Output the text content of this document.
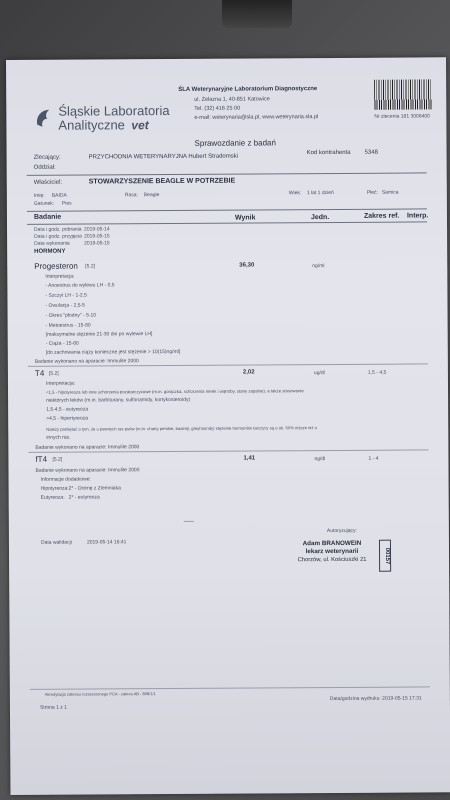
Śląskie Laboratoria
Analityczne vet
ŚLA Weterynaryjne Laboratorium Diagnostyczne
ul. Żelazna 1, 40-851 Katowice
Tel. (32) 416 25 00
e-mail: weterynaria@sla.pl, www.weterynaria.sla.pl	Nr zlecenia 181 3008400
Sprawozdanie z badań
Zlecający:	PRZYCHODNIA WETERYNARYJNA Hubert Stradomski
Kod kontrahenta 5348
Oddział:
Właściciel:	STOWARZYSZENIE BEAGLE W POTRZEBIE
Imię: BAIDA	Rasa: Beagle	Wiek: 1 lat 1 dzień	Płeć: Samica
Gatunek: Pies
Badanie	Wynik	Jedn.	Zakres ref. Interp.
Data i godz. pobrania 2019-05-14
Data i godz. przyjęcia 2019-05-15
Data wykonania	2019-05-15
HORMONY
Progesteron [5.2]	36,30	ng/ml
Interpretacja:
- Anoestrus do wylewu LH - 0,5
- Szczyt LH - 1-2,5
- Owulacja - 2,5-5
- Okres "płodny" - 5-10
- Metoestrus - 15-80
[maksymalne stężenie 21-30 dni po wylewie LH]
- Ciąża - 15-80
[do zachowania ciąży konieczne jest stężenie > 10(15)ng/ml]
Badanie wykonano na aparacie: Immulite 2000
T4 [5.2]	2,02	ug/dl	1,5 - 4,5
Interpretacja:
<1,5 - hipotyreoza lub inne schorzenia pozatarczycowe (m.in. gorączka, schorzenia nerek i wątroby, stany zapalne), a także stosowanie
niektórych leków (m.in. barbiturany, sulfonamidy, kortykosteroidy)
1,5-4,5 - eutyreoza
>4,5 - hipertyreoza
Należy pamiętać o tym, że u pewnych ras psów (m.in. charty perskie, basenji, greyhoundy) stężenie hormonów tarczycy są o ok. 50% niższe niż u
innych ras.
Badanie wykonano na aparacie: Immulite 2000
fT4 [5.2]	1,41	ng/dl	1 - 4
Badanie wykonano na aparacie: Immulite 2000
Informacje dodatkowe:
Hipotyreoza: 2* - Ocenę z Ziemniaka
Eutyreoza: 2* - eutyreoza
Data walidacji	2019-05-14 16:41
Autoryzujący:
Adam BRANOWEIN
lekarz weterynarii
Chorzów, ul. Kościuszki 21	00157
Akredytacja zakresu rozszerzonego PCA - zakres AB - 808/1/1
Data/godzina wydruku: 2019-05-15 17:31
Strona 1 z 1
